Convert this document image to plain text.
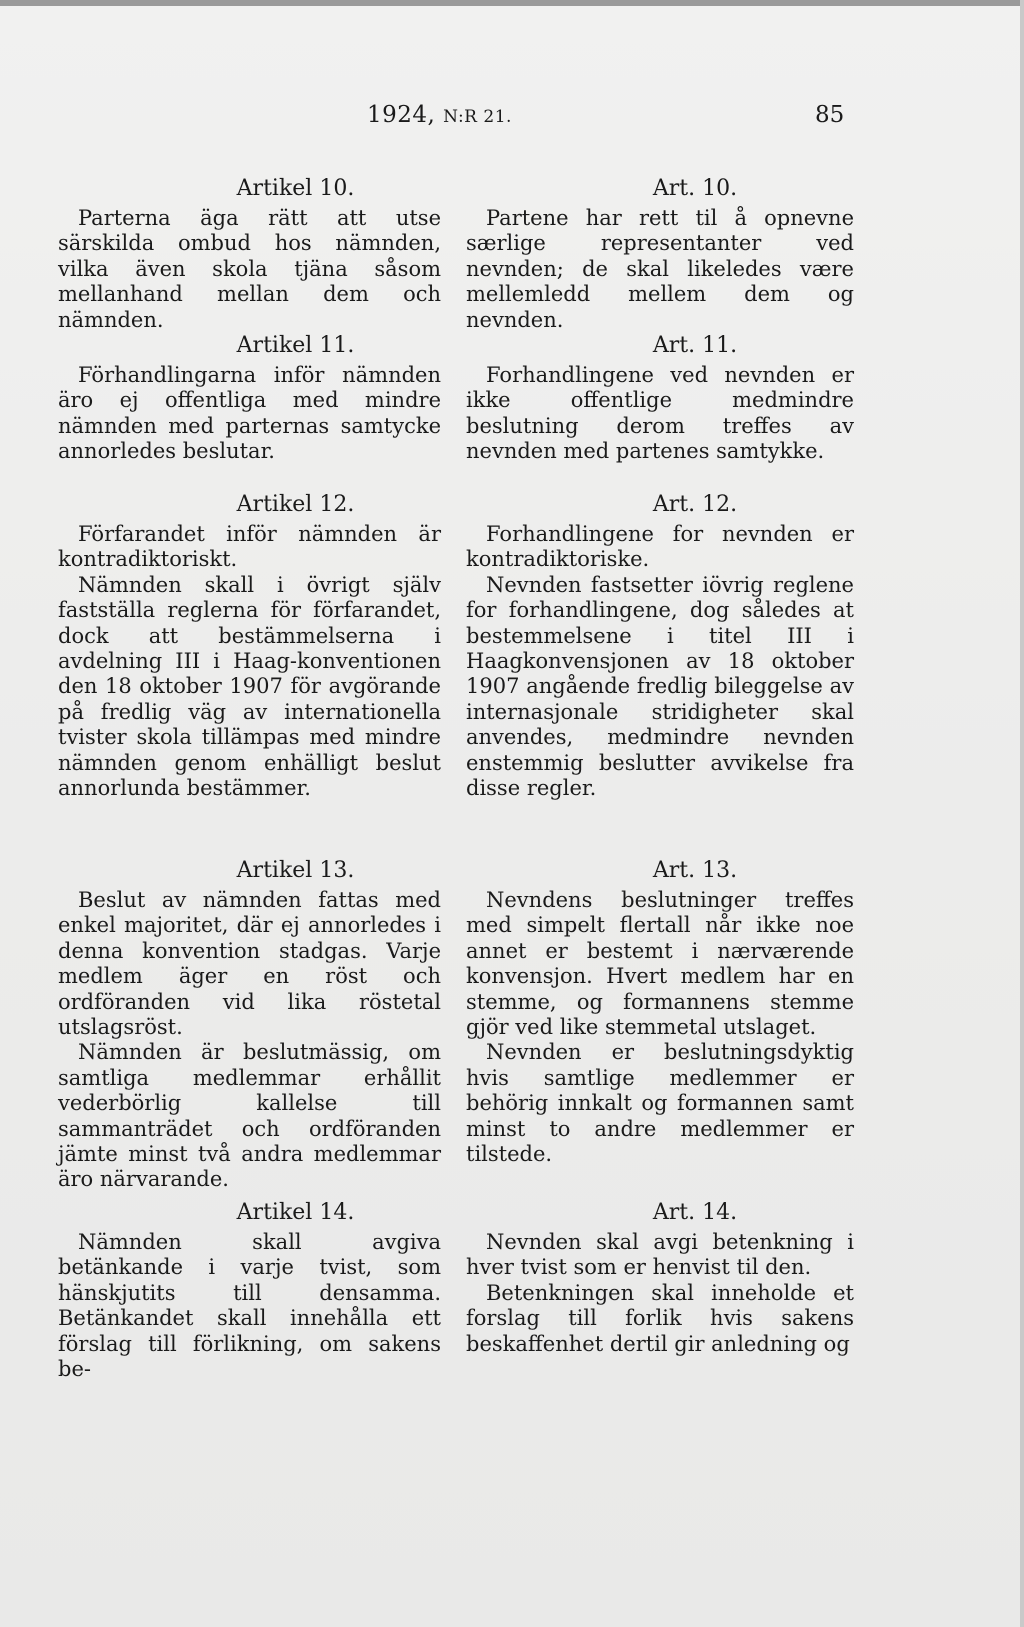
1924, N:R 21.	85
Artikel 10.

Parterna äga rätt att utse särskilda ombud hos nämnden, vilka även skola tjäna såsom mellanhand mellan dem och nämnden.

Artikel 11.

Förhandlingarna inför nämnden äro ej offentliga med mindre nämnden med parternas samtycke annorledes beslutar.

Artikel 12.

Förfarandet inför nämnden är kontradiktoriskt.

Nämnden skall i övrigt själv fastställa reglerna för förfarandet, dock att bestämmelserna i avdelning III i Haag-konventionen den 18 oktober 1907 för avgörande på fredlig väg av internationella tvister skola tillämpas med mindre nämnden genom enhälligt beslut annorlunda bestämmer.

Artikel 13.

Beslut av nämnden fattas med enkel majoritet, där ej annorledes i denna konvention stadgas. Varje medlem äger en röst och ordföranden vid lika röstetal utslagsröst.

Nämnden är beslutmässig, om samtliga medlemmar erhållit vederbörlig kallelse till sammanträdet och ordföranden jämte minst två andra medlemmar äro närvarande.

Artikel 14.

Nämnden skall avgiva betänkande i varje tvist, som hänskjutits till densamma. Betänkandet skall innehålla ett förslag till förlikning, om sakens be-

Art. 10.

Partene har rett til å opnevne særlige representanter ved nevnden; de skal likeledes være mellemledd mellem dem og nevnden.

Art. 11.

Forhandlingene ved nevnden er ikke offentlige medmindre beslutning derom treffes av nevnden med partenes samtykke.

Art. 12.

Forhandlingene for nevnden er kontradiktoriske.

Nevnden fastsetter iövrig reglene for forhandlingene, dog således at bestemmelsene i titel III i Haagkonvensjonen av 18 oktober 1907 angående fredlig bileggelse av internasjonale stridigheter skal anvendes, medmindre nevnden enstemmig beslutter avvikelse fra disse regler.

Art. 13.

Nevndens beslutninger treffes med simpelt flertall når ikke noe annet er bestemt i nærværende konvensjon. Hvert medlem har en stemme, og formannens stemme gjör ved like stemmetal utslaget.

Nevnden er beslutningsdyktig hvis samtlige medlemmer er behörig innkalt og formannen samt minst to andre medlemmer er tilstede.

Art. 14.

Nevnden skal avgi betenkning i hver tvist som er henvist til den.

Betenkningen skal inneholde et forslag till forlik hvis sakens beskaffenhet dertil gir anledning og
